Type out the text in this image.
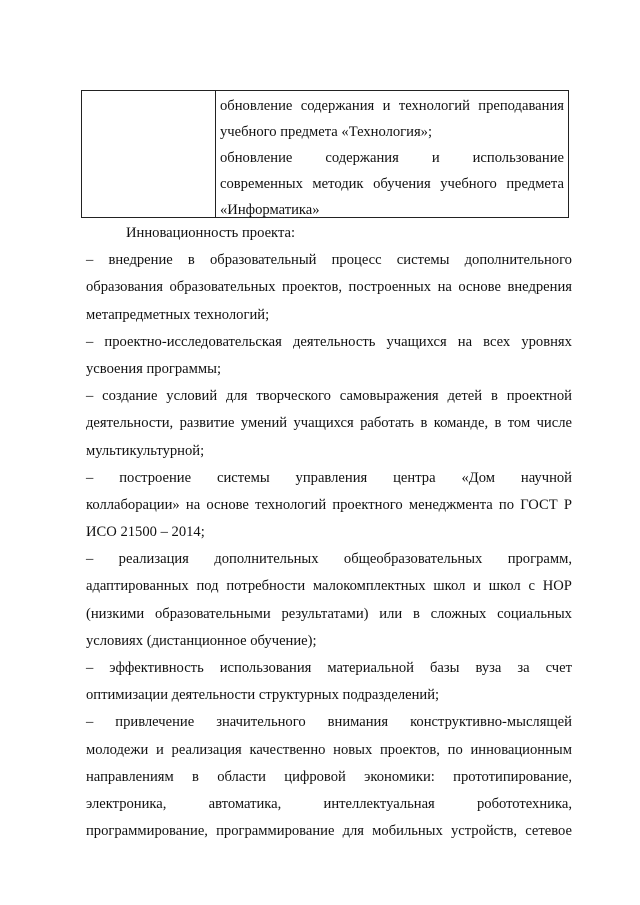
обновление содержания и технологий преподавания
учебного предмета «Технология»;
обновление содержания и использование
современных методик обучения учебного предмета
«Информатика»
Инновационность проекта:
– внедрение в образовательный процесс системы дополнительного
образования образовательных проектов, построенных на основе внедрения
метапредметных технологий;
– проектно-исследовательская деятельность учащихся на всех уровнях
усвоения программы;
– создание условий для творческого самовыражения детей в проектной
деятельности, развитие умений учащихся работать в команде, в том числе
мультикультурной;
– построение системы управления центра «Дом научной
коллаборации» на основе технологий проектного менеджмента по ГОСТ Р
ИСО 21500 – 2014;
– реализация дополнительных общеобразовательных программ,
адаптированных под потребности малокомплектных школ и школ с НОР
(низкими образовательными результатами) или в сложных социальных
условиях (дистанционное обучение);
– эффективность использования материальной базы вуза за счет
оптимизации деятельности структурных подразделений;
– привлечение значительного внимания конструктивно-мыслящей
молодежи и реализация качественно новых проектов, по инновационным
направлениям в области цифровой экономики: прототипирование,
электроника,	автоматика,	интеллектуальная	робототехника,
программирование, программирование для мобильных устройств, сетевое
